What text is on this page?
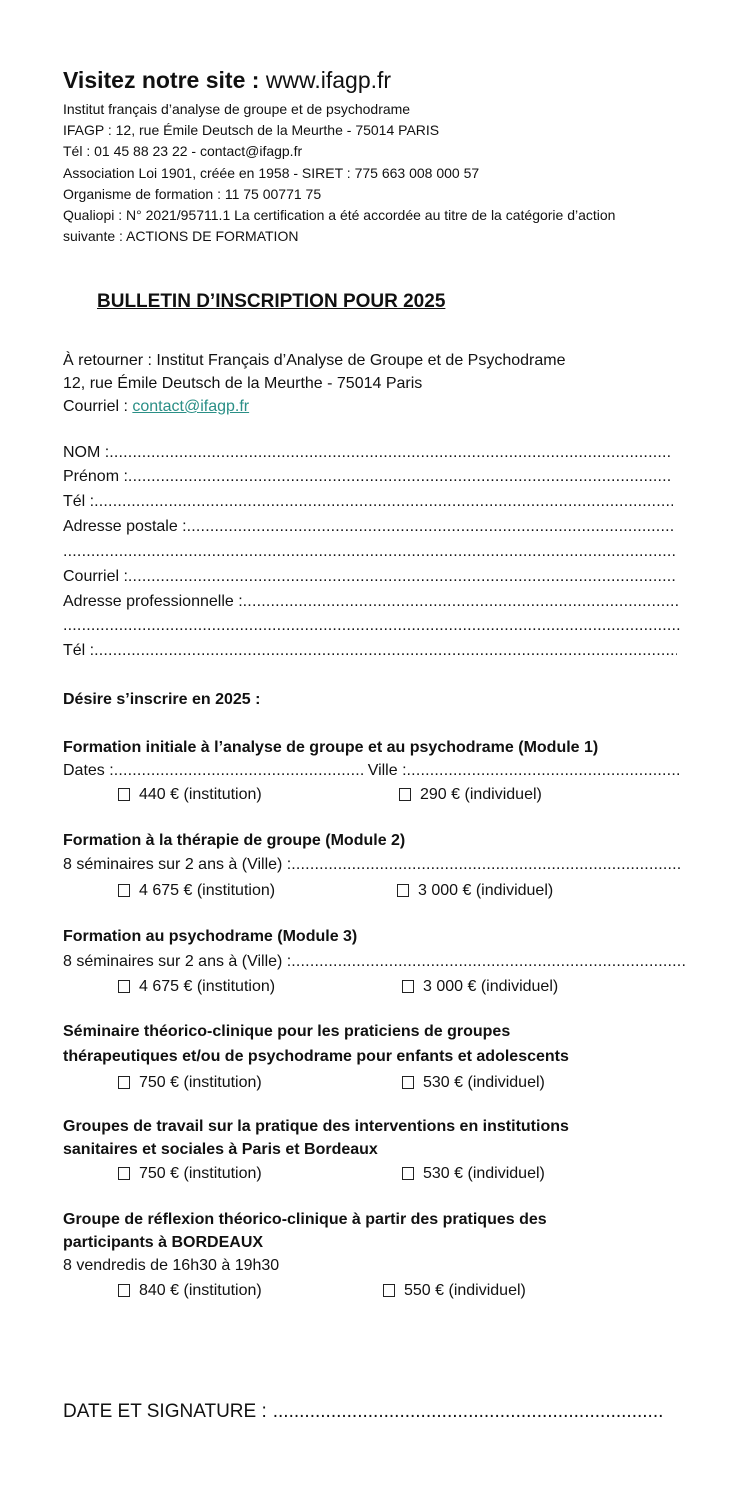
Visitez notre site : www.ifagp.fr
Institut français d’analyse de groupe et de psychodrame
IFAGP : 12, rue Émile Deutsch de la Meurthe - 75014 PARIS
Tél : 01 45 88 23 22 - contact@ifagp.fr
Association Loi 1901, créée en 1958 - SIRET : 775 663 008 000 57
Organisme de formation : 11 75 00771 75
Qualiopi : N° 2021/95711.1 La certification a été accordée au titre de la catégorie d’action
suivante : ACTIONS DE FORMATION
BULLETIN D’INSCRIPTION POUR 2025
À retourner : Institut Français d’Analyse de Groupe et de Psychodrame
12, rue Émile Deutsch de la Meurthe - 75014 Paris
Courriel : contact@ifagp.fr
NOM :
.....
Prénom :
.....
Tél :
.....
Adresse postale :
.....
.....
Courriel :
.....
Adresse professionnelle :
.....
.....
Tél :
.....
Désire s’inscrire en 2025 :
Formation initiale à l’analyse de groupe et au psychodrame (Module 1)
Dates : .....	Ville :
.....
440 € (institution)	290 € (individuel)
Formation à la thérapie de groupe (Module 2)
8 séminaires sur 2 ans à (Ville) :
.....
4 675 € (institution)	3 000 € (individuel)
Formation au psychodrame (Module 3)
8 séminaires sur 2 ans à (Ville) :
.....
4 675 € (institution)	3 000 € (individuel)
Séminaire théorico-clinique pour les praticiens de groupes
thérapeutiques et/ou de psychodrame pour enfants et adolescents
750 € (institution)	530 € (individuel)
Groupes de travail sur la pratique des interventions en institutions
sanitaires et sociales à Paris et Bordeaux
750 € (institution)	530 € (individuel)
Groupe de réflexion théorico-clinique à partir des pratiques des
participants à BORDEAUX
8 vendredis de 16h30 à 19h30
840 € (institution)	550 € (individuel)
DATE ET SIGNATURE :
.....
